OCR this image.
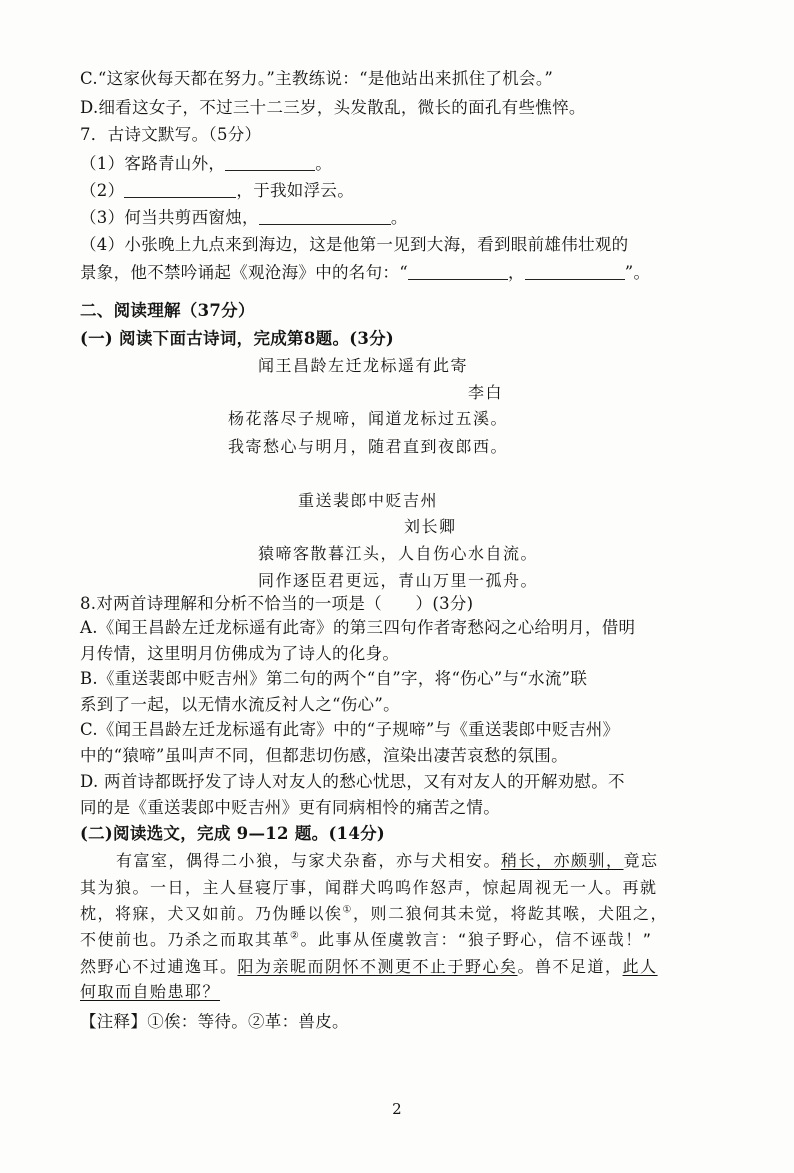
C.“这家伙每天都在努力。”主教练说：“是他站出来抓住了机会。”
D.细看这女子，不过三十二三岁，头发散乱，微长的面孔有些憔悴。
7．古诗文默写。（5分）
（1）客路青山外，	。
（2）	，于我如浮云。
（3）何当共剪西窗烛，	。
（4）小张晚上九点来到海边，这是他第一见到大海，看到眼前雄伟壮观的
景象，他不禁吟诵起《观沧海》中的名句：“	，	”。
二、阅读理解（37分）
(一) 阅读下面古诗词，完成第8题。(3分)
闻王昌龄左迁龙标遥有此寄
李白
杨花落尽子规啼，闻道龙标过五溪。
我寄愁心与明月，随君直到夜郎西。
重送裴郎中贬吉州
刘长卿
猿啼客散暮江头，人自伤心水自流。
同作逐臣君更远，青山万里一孤舟。
8.对两首诗理解和分析不恰当的一项是（　　）(3分)
A.《闻王昌龄左迁龙标遥有此寄》的第三四句作者寄愁闷之心给明月，借明
月传情，这里明月仿佛成为了诗人的化身。
B.《重送裴郎中贬吉州》第二句的两个“自”字，将“伤心”与“水流”联
系到了一起，以无情水流反衬人之“伤心”。
C.《闻王昌龄左迁龙标遥有此寄》中的“子规啼”与《重送裴郎中贬吉州》
中的“猿啼”虽叫声不同，但都悲切伤感，渲染出凄苦哀愁的氛围。
D. 两首诗都既抒发了诗人对友人的愁心忧思，又有对友人的开解劝慰。不
同的是《重送裴郎中贬吉州》更有同病相怜的痛苦之情。
(二)阅读选文，完成 9—12 题。(14分)
有富室，偶得二小狼，与家犬杂畜，亦与犬相安。稍长，亦颇驯，竟忘
其为狼。一日，主人昼寝厅事，闻群犬呜呜作怒声，惊起周视无一人。再就
枕，将寐，犬又如前。乃伪睡以俟①，则二狼伺其未觉，将龁其喉，犬阻之，
不使前也。乃杀之而取其革②。此事从侄虞敦言：“狼子野心，信不诬哉！”
然野心不过逋逸耳。阳为亲昵而阴怀不测更不止于野心矣。兽不足道，此人
何取而自贻患耶？
【注释】①俟：等待。②革：兽皮。
2
